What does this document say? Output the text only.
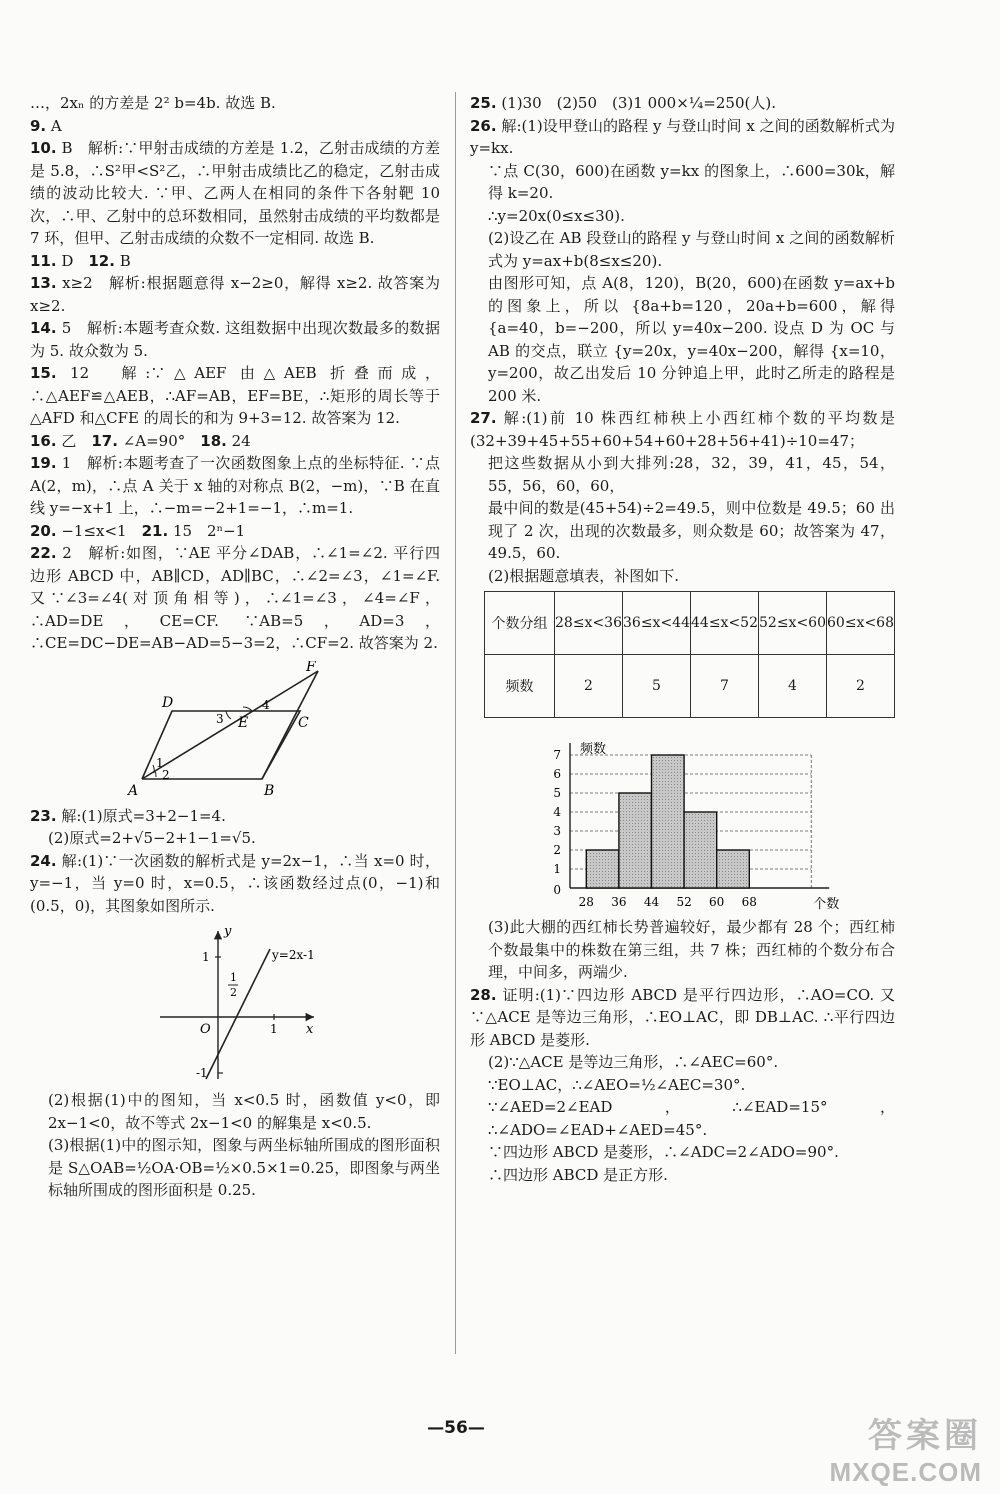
…，2xₙ 的方差是 2² b=4b. 故选 B.

9. A

10. B　解析:∵甲射击成绩的方差是 1.2，乙射击成绩的方差是 5.8，∴S²甲<S²乙，∴甲射击成绩比乙的稳定，乙射击成绩的波动比较大. ∵甲、乙两人在相同的条件下各射靶 10 次，∴甲、乙射中的总环数相同，虽然射击成绩的平均数都是 7 环，但甲、乙射击成绩的众数不一定相同. 故选 B.

11. D　12. B

13. x≥2　解析:根据题意得 x−2≥0，解得 x≥2. 故答案为 x≥2.

14. 5　解析:本题考查众数. 这组数据中出现次数最多的数据为 5. 故众数为 5.

15. 12　解:∵△AEF 由△AEB 折叠而成，∴△AEF≌△AEB，∴AF=AB，EF=BE，∴矩形的周长等于△AFD 和△CFE 的周长的和为 9+3=12. 故答案为 12.

16. 乙　17. ∠A=90°　18. 24

19. 1　解析:本题考查了一次函数图象上点的坐标特征. ∵点 A(2，m)，∴点 A 关于 x 轴的对称点 B(2，−m)，∵B 在直线 y=−x+1 上，∴−m=−2+1=−1，∴m=1.

20. −1≤x<1　21. 15　2ⁿ−1

22. 2　解析:如图，∵AE 平分∠DAB，∴∠1=∠2. 平行四边形 ABCD 中，AB∥CD，AD∥BC，∴∠2=∠3，∠1=∠F. 又∵∠3=∠4(对顶角相等)，∴∠1=∠3，∠4=∠F，∴AD=DE，CE=CF. ∵AB=5，AD=3，∴CE=DC−DE=AB−AD=5−3=2，∴CF=2. 故答案为 2.

A	B
C
D
E
F
1
2
3
4

23. 解:(1)原式=3+2−1=4.

(2)原式=2+√5−2+1−1=√5.

24. 解:(1)∵一次函数的解析式是 y=2x−1，∴当 x=0 时，y=−1，当 y=0 时，x=0.5，∴该函数经过点(0，−1)和(0.5，0)，其图象如图所示.

y
x
O	1
1
-1
y=2x-1
1
2

(2)根据(1)中的图知，当 x<0.5 时，函数值 y<0，即 2x−1<0，故不等式 2x−1<0 的解集是 x<0.5.

(3)根据(1)中的图示知，图象与两坐标轴所围成的图形面积是 S△OAB=½OA·OB=½×0.5×1=0.25，即图象与两坐标轴所围成的图形面积是 0.25.

25. (1)30　(2)50　(3)1 000×¼=250(人).

26. 解:(1)设甲登山的路程 y 与登山时间 x 之间的函数解析式为 y=kx.

∵点 C(30，600)在函数 y=kx 的图象上，∴600=30k，解得 k=20.

∴y=20x(0≤x≤30).

(2)设乙在 AB 段登山的路程 y 与登山时间 x 之间的函数解析式为 y=ax+b(8≤x≤20).

由图形可知，点 A(8，120)，B(20，600)在函数 y=ax+b 的图象上，所以 {8a+b=120，20a+b=600，解得 {a=40，b=−200，所以 y=40x−200. 设点 D 为 OC 与 AB 的交点，联立 {y=20x，y=40x−200，解得 {x=10，y=200，故乙出发后 10 分钟追上甲，此时乙所走的路程是 200 米.

27. 解:(1)前 10 株西红柿秧上小西红柿个数的平均数是(32+39+45+55+60+54+60+28+56+41)÷10=47；

把这些数据从小到大排列:28，32，39，41，45，54，55，56，60，60，

最中间的数是(45+54)÷2=49.5，则中位数是 49.5；60 出现了 2 次，出现的次数最多，则众数是 60；故答案为 47，49.5，60.

(2)根据题意填表，补图如下.

个数分组	28≤x<36	36≤x<44	44≤x<52	52≤x<60	60≤x<68
频数	2	5	7	4	2
1
2
3
4
5
6
7
28 36 44 52 60 68
0
频数
个数

(3)此大棚的西红柿长势普遍较好，最少都有 28 个；西红柿个数最集中的株数在第三组，共 7 株；西红柿的个数分布合理，中间多，两端少.

28. 证明:(1)∵四边形 ABCD 是平行四边形，∴AO=CO. 又∵△ACE 是等边三角形，∴EO⊥AC，即 DB⊥AC. ∴平行四边形 ABCD 是菱形.

(2)∵△ACE 是等边三角形，∴∠AEC=60°.

∵EO⊥AC，∴∠AEO=½∠AEC=30°.

∵∠AED=2∠EAD，∴∠EAD=15°，∴∠ADO=∠EAD+∠AED=45°.

∵四边形 ABCD 是菱形，∴∠ADC=2∠ADO=90°.

∴四边形 ABCD 是正方形.

—56—	答案圈
MXQE.COM
